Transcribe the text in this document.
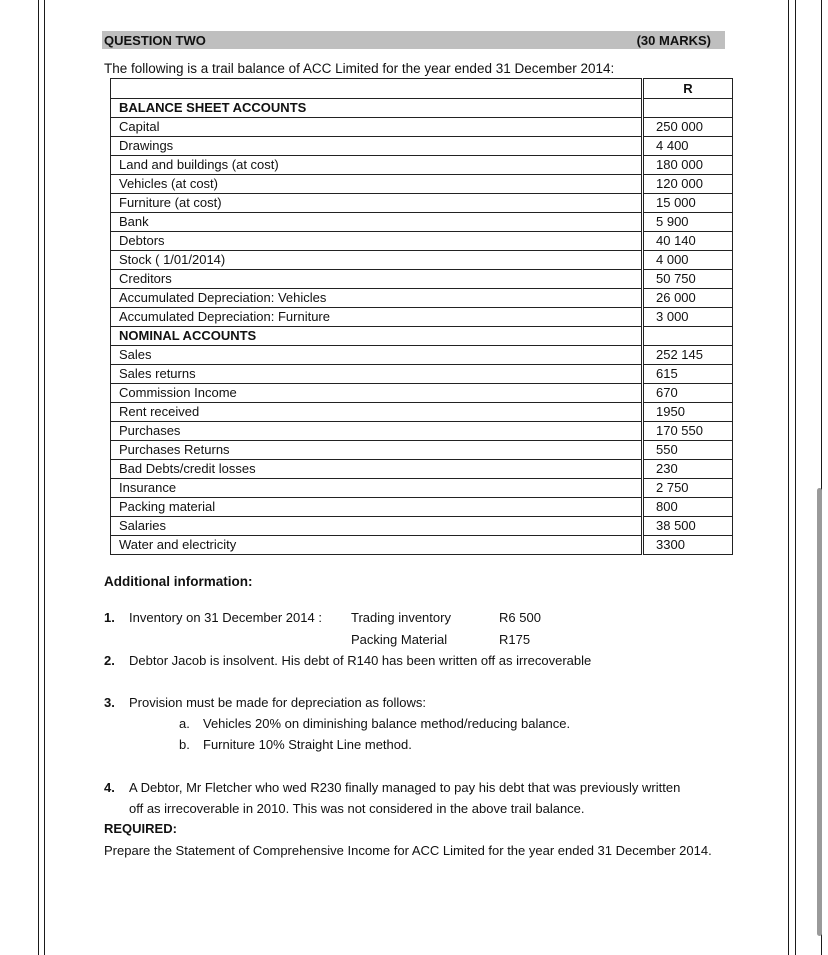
QUESTION TWO	(30 MARKS)
The following is a trail balance of ACC Limited for the year ended 31 December 2014:
		R
BALANCE SHEET ACCOUNTS		
Capital		250 000
Drawings		4 400
Land and buildings (at cost)		180 000
Vehicles (at cost)		120 000
Furniture (at cost)		15 000
Bank		5 900
Debtors		40 140
Stock ( 1/01/2014)		4 000
Creditors		50 750
Accumulated Depreciation: Vehicles		26 000
Accumulated Depreciation: Furniture		3 000
NOMINAL ACCOUNTS		
Sales		252 145
Sales returns		615
Commission Income		670
Rent received		1950
Purchases		170 550
Purchases Returns		550
Bad Debts/credit losses		230
Insurance		2 750
Packing material		800
Salaries		38 500
Water and electricity		3300
Additional information:
1. Inventory on 31 December 2014 : Trading inventory	R6 500
Packing Material	R175
2. Debtor Jacob is insolvent. His debt of R140 has been written off as irrecoverable
3. Provision must be made for depreciation as follows:
a. Vehicles 20% on diminishing balance method/reducing balance.
b. Furniture 10% Straight Line method.
4. A Debtor, Mr Fletcher who wed R230 finally managed to pay his debt that was previously written
off as irrecoverable in 2010. This was not considered in the above trail balance.
REQUIRED:
Prepare the Statement of Comprehensive Income for ACC Limited for the year ended 31 December 2014.
